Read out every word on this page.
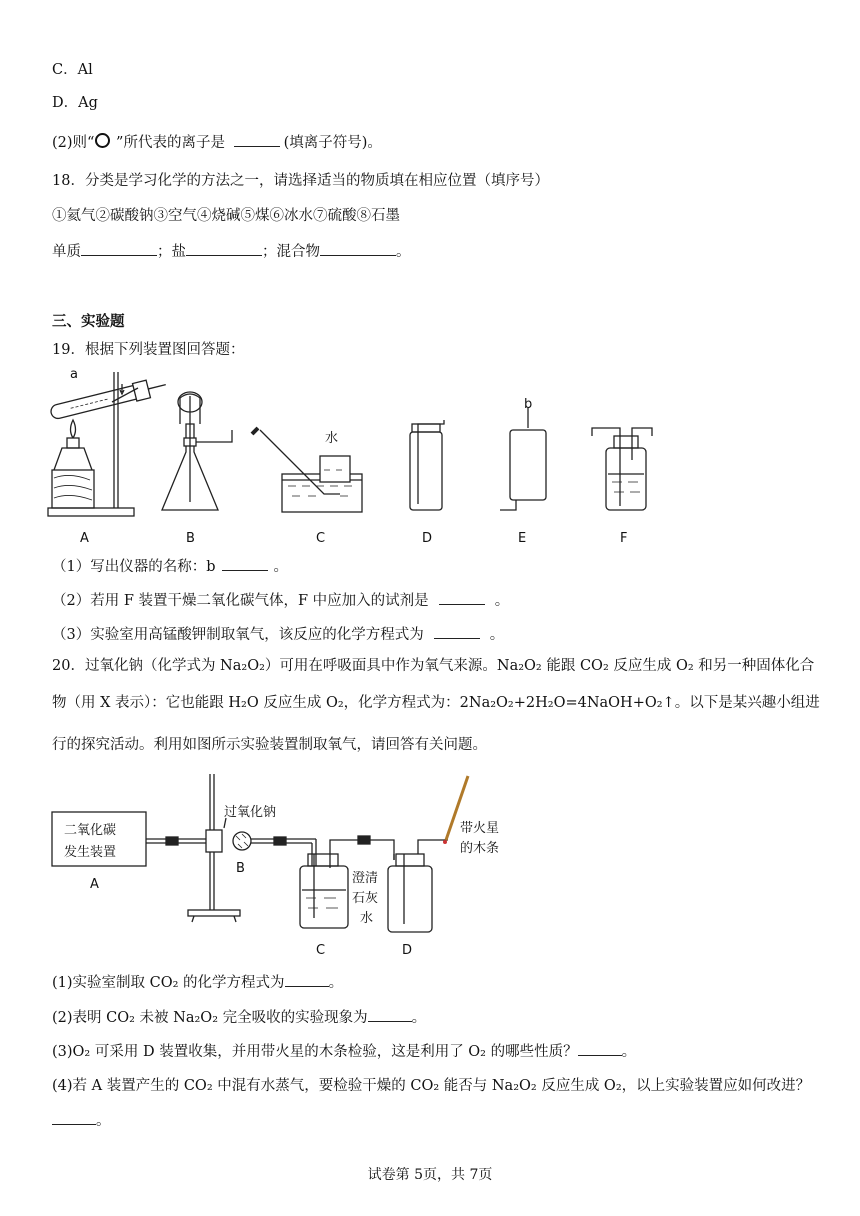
C．Al
D．Ag
(2)则“ ”所代表的离子是	(填离子符号)。
18．分类是学习化学的方法之一，请选择适当的物质填在相应位置（填序号）
①氦气②碳酸钠③空气④烧碱⑤煤⑥冰水⑦硫酸⑧石墨
单质	；盐	；混合物	。
三、实验题
19．根据下列装置图回答题：
a
A	B
水
C	D
b
E	F
（1）写出仪器的名称：b	。
（2）若用 F 装置干燥二氧化碳气体，F 中应加入的试剂是	。
（3）实验室用高锰酸钾制取氧气，该反应的化学方程式为	。
20．过氧化钠（化学式为 Na₂O₂）可用在呼吸面具中作为氧气来源。Na₂O₂ 能跟 CO₂ 反应生成 O₂ 和另一种固体化合
物（用 X 表示）：它也能跟 H₂O 反应生成 O₂，化学方程式为：2Na₂O₂+2H₂O=4NaOH+O₂↑。以下是某兴趣小组进
行的探究活动。利用如图所示实验装置制取氧气，请回答有关问题。
二氧化碳
发生装置
A
过氧化钠
B
C
澄清
石灰
水
D
带火星
的木条
(1)实验室制取 CO₂ 的化学方程式为	。
(2)表明 CO₂ 未被 Na₂O₂ 完全吸收的实验现象为	。
(3)O₂ 可采用 D 装置收集，并用带火星的木条检验，这是利用了 O₂ 的哪些性质？	。
(4)若 A 装置产生的 CO₂ 中混有水蒸气，要检验干燥的 CO₂ 能否与 Na₂O₂ 反应生成 O₂，以上实验装置应如何改进？
。
试卷第 5页，共 7页
